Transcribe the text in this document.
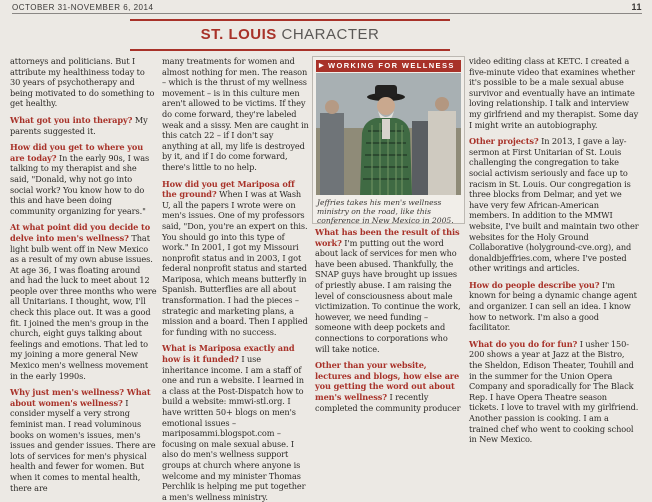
OCTOBER 31-NOVEMBER 6, 2014	11
ST. LOUIS CHARACTER

attorneys and politicians. But I attribute my healthiness today to 30 years of psychotherapy and being motivated to do something to get healthy.

What got you into therapy? My parents suggested it.

How did you get to where you are today? In the early 90s, I was talking to my therapist and she said, "Donald, why not go into social work? You know how to do this and have been doing community organizing for years."

At what point did you decide to delve into men's wellness? That light bulb went off in New Mexico as a result of my own abuse issues. At age 36, I was floating around and had the luck to meet about 12 people over three months who were all Unitarians. I thought, wow, I'll check this place out. It was a good fit. I joined the men's group in the church, eight guys talking about feelings and emotions. That led to my joining a more general New Mexico men's wellness movement in the early 1990s.

Why just men's wellness? What about women's wellness? I consider myself a very strong feminist man. I read voluminous books on women's issues, men's issues and gender issues. There are lots of services for men's physical health and fewer for women. But when it comes to mental health, there are

many treatments for women and almost nothing for men. The reason – which is the thrust of my wellness movement – is in this culture men aren't allowed to be victims. If they do come forward, they're labeled weak and a sissy. Men are caught in this catch 22 – if I don't say anything at all, my life is destroyed by it, and if I do come forward, there's little to no help.

How did you get Mariposa off the ground? When I was at Wash U, all the papers I wrote were on men's issues. One of my professors said, "Don, you're an expert on this. You should go into this type of work." In 2001, I got my Missouri nonprofit status and in 2003, I got federal nonprofit status and started Mariposa, which means butterfly in Spanish. Butterflies are all about transformation. I had the pieces – strategic and marketing plans, a mission and a board. Then I applied for funding with no success.

What is Mariposa exactly and how is it funded? I use inheritance income. I am a staff of one and run a website. I learned in a class at the Post-Dispatch how to build a website: mmwi-stl.org. I have written 50+ blogs on men's emotional issues – mariposammi.blogspot.com – focusing on male sexual abuse. I also do men's wellness support groups at church where anyone is welcome and my minister Thomas Perchlik is helping me put together a men's wellness ministry.

▶ WORKING FOR WELLNESS
Jeffries takes his men's wellness ministry on the road, like this conference in New Mexico in 2005.

What has been the result of this work? I'm putting out the word about lack of services for men who have been abused. Thankfully, the SNAP guys have brought up issues of priestly abuse. I am raising the level of consciousness about male victimization. To continue the work, however, we need funding – someone with deep pockets and connections to corporations who will take notice.

Other than your website, lectures and blogs, how else are you getting the word out about men's wellness? I recently completed the community producer

video editing class at KETC. I created a five-minute video that examines whether it's possible to be a male sexual abuse survivor and eventually have an intimate loving relationship. I talk and interview my girlfriend and my therapist. Some day I might write an autobiography.

Other projects? In 2013, I gave a lay-sermon at First Unitarian of St. Louis challenging the congregation to take social activism seriously and face up to racism in St. Louis. Our congregation is three blocks from Delmar, and yet we have very few African-American members. In addition to the MMWI website, I've built and maintain two other websites for the Holy Ground Collaborative (holyground-cve.org), and donaldbjeffries.com, where I've posted other writings and articles.

How do people describe you? I'm known for being a dynamic change agent and organizer. I can sell an idea. I know how to network. I'm also a good facilitator.

What do you do for fun? I usher 150-200 shows a year at Jazz at the Bistro, the Sheldon, Edison Theater, Touhill and in the summer for the Union Opera Company and sporadically for The Black Rep. I have Opera Theatre season tickets. I love to travel with my girlfriend. Another passion is cooking. I am a trained chef who went to cooking school in New Mexico.
